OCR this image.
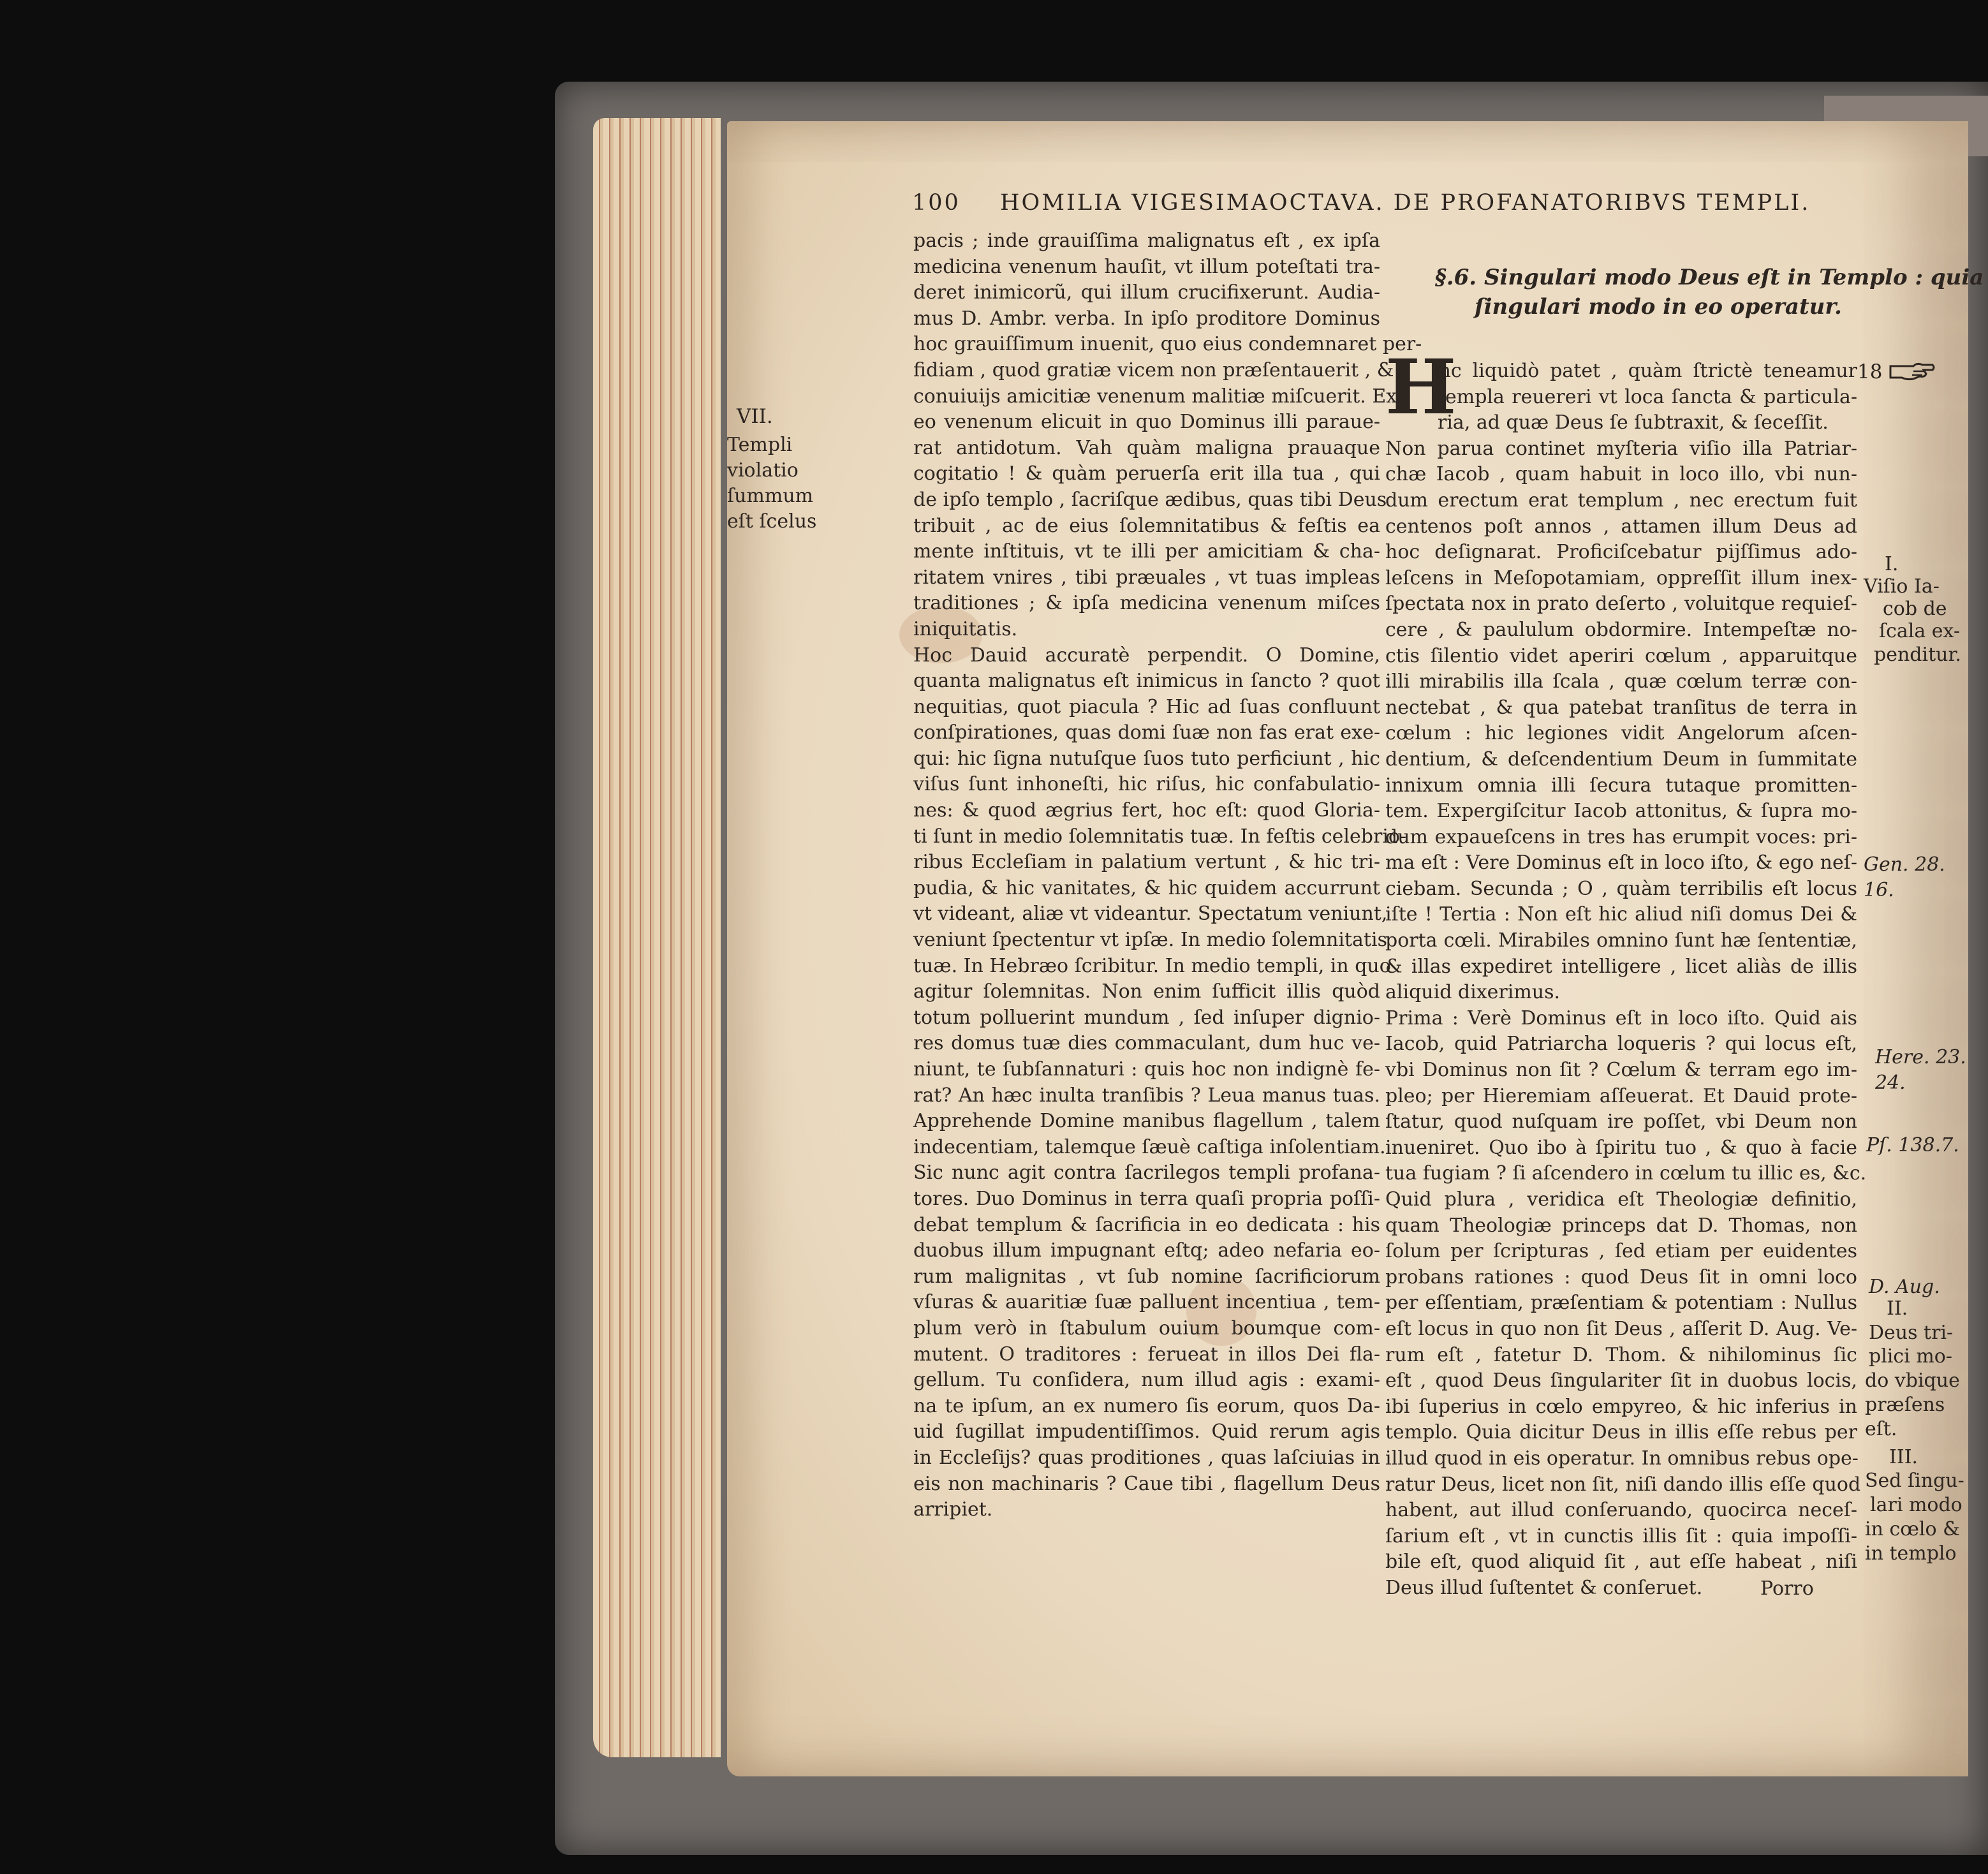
100 HOMILIA VIGESIMAOCTAVA. DE PROFANATORIBVS TEMPLI.
VII.
Templi
violatio
ſummum
eſt ſcelus
pacis ; inde grauiſſima malignatus eſt , ex ipſa
medicina venenum hauſit, vt illum poteſtati tra-
deret inimicorũ, qui illum crucifixerunt. Audia-
mus D. Ambr. verba. In ipſo proditore Dominus
hoc grauiſſimum inuenit, quo eius condemnaret per-
fidiam , quod gratiæ vicem non præſentauerit , &
conuiuijs amicitiæ venenum malitiæ miſcuerit. Ex
eo venenum elicuit in quo Dominus illi paraue-
rat antidotum. Vah quàm maligna prauaque
cogitatio ! & quàm peruerſa erit illa tua , qui
de ipſo templo , ſacriſque ædibus, quas tibi Deus
tribuit , ac de eius ſolemnitatibus & feſtis ea
mente inſtituis, vt te illi per amicitiam & cha-
ritatem vnires , tibi præuales , vt tuas impleas
traditiones ; & ipſa medicina venenum miſces
iniquitatis.
Hoc Dauid accuratè perpendit. O Domine,
quanta malignatus eſt inimicus in ſancto ? quot
nequitias, quot piacula ? Hic ad ſuas confluunt
conſpirationes, quas domi ſuæ non fas erat exe-
qui: hic ſigna nutuſque ſuos tuto perficiunt , hic
viſus ſunt inhoneſti, hic riſus, hic confabulatio-
nes: & quod ægrius fert, hoc eſt: quod Gloria-
ti ſunt in medio ſolemnitatis tuæ. In feſtis celebrio-
ribus Eccleſiam in palatium vertunt , & hic tri-
pudia, & hic vanitates, & hic quidem accurrunt
vt videant, aliæ vt videantur. Spectatum veniunt,
veniunt ſpectentur vt ipſæ. In medio ſolemnitatis
tuæ. In Hebræo ſcribitur. In medio templi, in quo
agitur ſolemnitas. Non enim ſufficit illis quòd
totum polluerint mundum , ſed inſuper dignio-
res domus tuæ dies commaculant, dum huc ve-
niunt, te ſubſannaturi : quis hoc non indignè fe-
rat? An hæc inulta tranſibis ? Leua manus tuas.
Apprehende Domine manibus flagellum , talem
indecentiam, talemque ſæuè caſtiga inſolentiam.
Sic nunc agit contra ſacrilegos templi profana-
tores. Duo Dominus in terra quaſi propria poſſi-
debat templum & ſacrificia in eo dedicata : his
duobus illum impugnant eſtq; adeo nefaria eo-
rum malignitas , vt ſub nomine ſacrificiorum
vſuras & auaritiæ ſuæ palluent incentiua , tem-
plum verò in ſtabulum ouium boumque com-
mutent. O traditores : ferueat in illos Dei fla-
gellum. Tu conſidera, num illud agis : exami-
na te ipſum, an ex numero ſis eorum, quos Da-
uid ſugillat impudentiſſimos. Quid rerum agis
in Eccleſijs? quas proditiones , quas laſciuias in
eis non machinaris ? Caue tibi , flagellum Deus
arripiet.
§.6. Singulari modo Deus eſt in Templo : quia
ſingulari modo in eo operatur.
H
inc liquidò patet , quàm ſtrictè teneamur
templa reuereri vt loca ſancta & particula-
ria, ad quæ Deus ſe ſubtraxit, & ſeceſſit.
Non parua continet myſteria viſio illa Patriar-
chæ Iacob , quam habuit in loco illo, vbi nun-
dum erectum erat templum , nec erectum fuit
centenos poſt annos , attamen illum Deus ad
hoc deſignarat. Proficiſcebatur pijſſimus ado-
leſcens in Meſopotamiam, oppreſſit illum inex-
ſpectata nox in prato deſerto , voluitque requieſ-
cere , & paululum obdormire. Intempeſtæ no-
ctis ſilentio videt aperiri cœlum , apparuitque
illi mirabilis illa ſcala , quæ cœlum terræ con-
nectebat , & qua patebat tranſitus de terra in
cœlum : hic legiones vidit Angelorum aſcen-
dentium, & deſcendentium Deum in ſummitate
innixum omnia illi ſecura tutaque promitten-
tem. Expergiſcitur Iacob attonitus, & ſupra mo-
dum expaueſcens in tres has erumpit voces: pri-
ma eſt : Vere Dominus eſt in loco iſto, & ego neſ-
ciebam. Secunda ; O , quàm terribilis eſt locus
iſte ! Tertia : Non eſt hic aliud niſi domus Dei &
porta cœli. Mirabiles omnino ſunt hæ ſententiæ,
& illas expediret intelligere , licet aliàs de illis
aliquid dixerimus.
Prima : Verè Dominus eſt in loco iſto. Quid ais
Iacob, quid Patriarcha loqueris ? qui locus eſt,
vbi Dominus non ſit ? Cœlum & terram ego im-
pleo; per Hieremiam aſſeuerat. Et Dauid prote-
ſtatur, quod nuſquam ire poſſet, vbi Deum non
inueniret. Quo ibo à ſpiritu tuo , & quo à facie
tua fugiam ? ſi aſcendero in cœlum tu illic es, &c.
Quid plura , veridica eſt Theologiæ definitio,
quam Theologiæ princeps dat D. Thomas, non
ſolum per ſcripturas , ſed etiam per euidentes
probans rationes : quod Deus ſit in omni loco
per eſſentiam, præſentiam & potentiam : Nullus
eſt locus in quo non ſit Deus , aſſerit D. Aug. Ve-
rum eſt , fatetur D. Thom. & nihilominus ſic
eſt , quod Deus ſingulariter ſit in duobus locis,
ibi ſuperius in cœlo empyreo, & hic inferius in
templo. Quia dicitur Deus in illis eſſe rebus per
illud quod in eis operatur. In omnibus rebus ope-
ratur Deus, licet non ſit, niſi dando illis eſſe quod
habent, aut illud conſeruando, quocirca neceſ-
ſarium eſt , vt in cunctis illis ſit : quia impoſſi-
bile eſt, quod aliquid ſit , aut eſſe habeat , niſi
Deus illud ſuſtentet & conſeruet.	Porro
18
I.
Viſio Ia-
cob de
ſcala ex-
penditur.
Gen. 28.
16.
Here. 23.
24.
Pſ. 138.7.
D. Aug.
II.
Deus tri-
plici mo-
do vbique
præſens
eſt.
III.
Sed ſingu-
lari modo
in cœlo &
in templo
